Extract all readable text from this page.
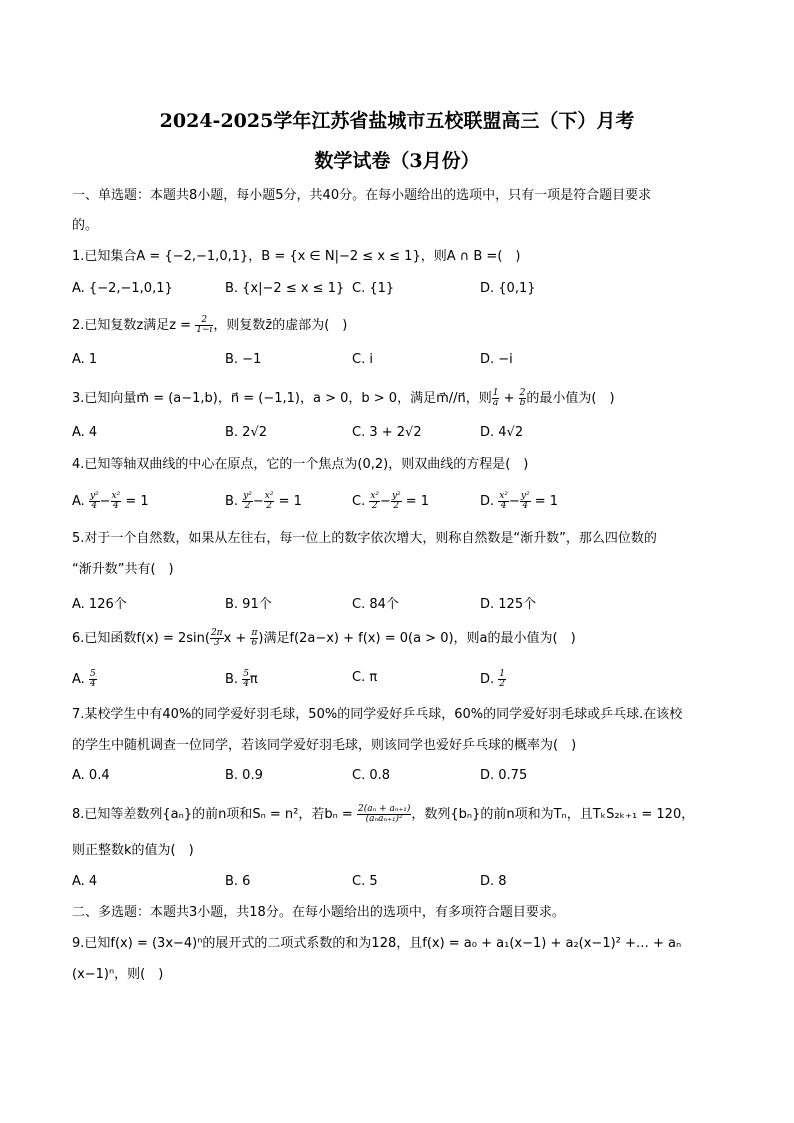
2024-2025学年江苏省盐城市五校联盟高三（下）月考
数学试卷（3月份）
一、单选题：本题共8小题，每小题5分，共40分。在每小题给出的选项中，只有一项是符合题目要求
的。
1.已知集合A = {−2,−1,0,1}，B = {x ∈ N|−2 ≤ x ≤ 1}，则A ∩ B =(　)
A. {−2,−1,0,1}	B. {x|−2 ≤ x ≤ 1} C. {1}	D. {0,1}
2.已知复数z满足$z = \frac{2}{1-i}$ ，则复数z̄的虚部为(　)
A. 1	B. −1	C. i	D. −i
3.已知向量m⃗ = (a−1,b)，n⃗ = (−1,1)，a > 0，b > 0，满足m⃗//n⃗，则 $\frac{1}{a} + \frac{2}{b}$ 的最小值为(　)
A. 4	B. 2√2	C. 3 + 2√2	D. 4√2
4.已知等轴双曲线的中心在原点，它的一个焦点为(0,2)，则双曲线的方程是(　)
A. $\frac{\text{y²}}{4} - \frac{\text{x²}}{4} = 1$	B. $\frac{\text{y²}}{2} - \frac{\text{x²}}{2} = 1$	C. $\frac{\text{x²}}{2} - \frac{\text{y²}}{2} = 1$	D. $\frac{\text{x²}}{4} - \frac{\text{y²}}{4} = 1$
5.对于一个自然数，如果从左往右，每一位上的数字依次增大，则称自然数是“渐升数”，那么四位数的
“渐升数”共有(　)
A. 126个	B. 91个	C. 84个	D. 125个
6.已知函数$f(x) = 2\sin( \frac{2\pi}{3}$ $x + \frac{\pi}{6}$ )满足f(2a−x) + f(x) = 0(a > 0)，则a的最小值为(　)
A. $\frac{5}{4}$	B. $\frac{5}{4}$ π	C. π	D. $\frac{1}{2}$
7.某校学生中有40%的同学爱好羽毛球，50%的同学爱好乒乓球，60%的同学爱好羽毛球或乒乓球.在该校
的学生中随机调查一位同学，若该同学爱好羽毛球，则该同学也爱好乒乓球的概率为(　)
A. 0.4	B. 0.9	C. 0.8	D. 0.75
8.已知等差数列{aₙ}的前n项和Sₙ = n²，若$b_n = \frac{\text{2(aₙ + aₙ₊₁)}}{\text{(aₙaₙ₊₁)²}}$ ，数列{bₙ}的前n项和为Tₙ，且TₖS₂ₖ₊₁ = 120，
则正整数k的值为(　)
A. 4	B. 6	C. 5	D. 8
二、多选题：本题共3小题，共18分。在每小题给出的选项中，有多项符合题目要求。
9.已知f(x) = (3x−4)ⁿ的展开式的二项式系数的和为128，且f(x) = a₀ + a₁(x−1) + a₂(x−1)² +… + aₙ
(x−1)ⁿ，则(　)
